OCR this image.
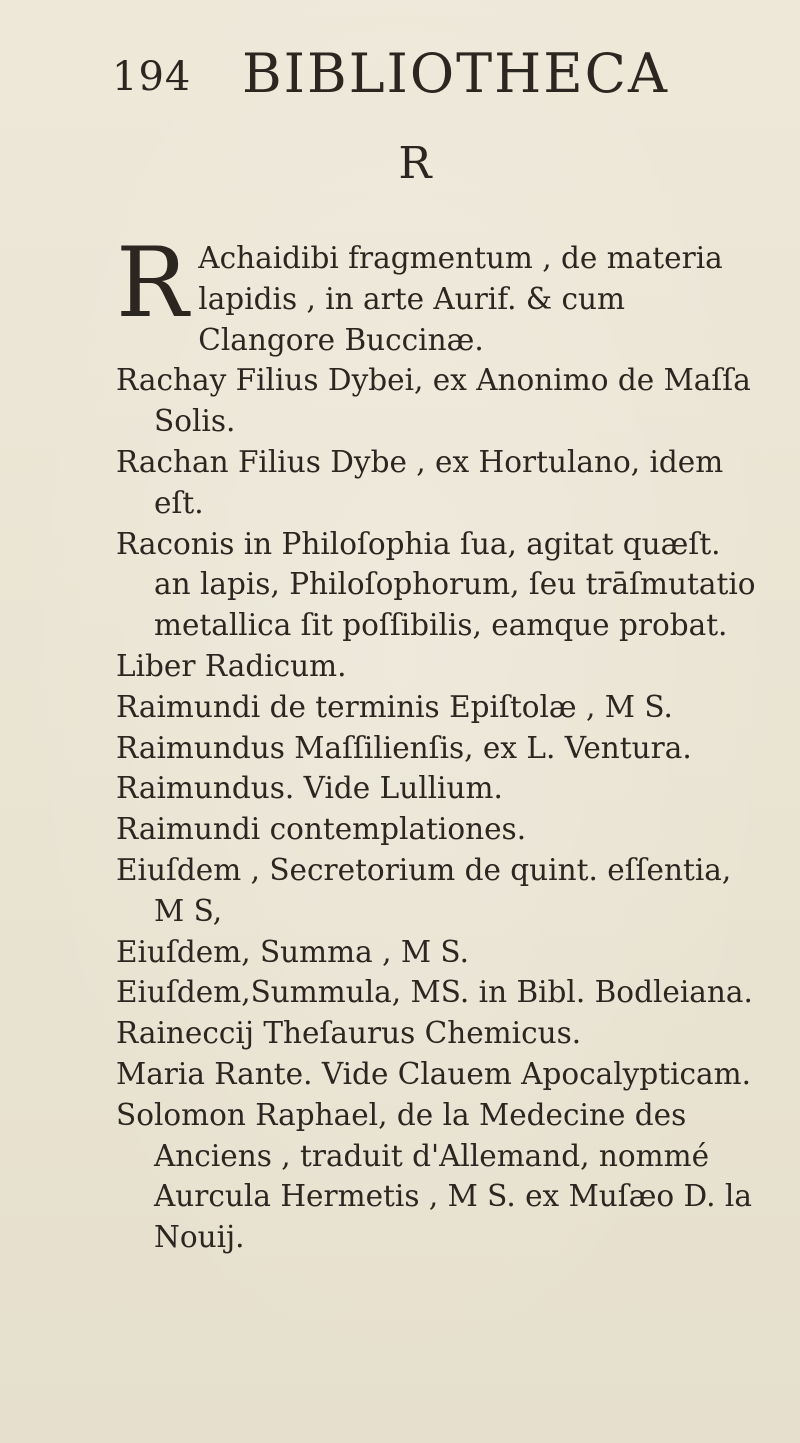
194 BIBLIOTHECA
R
R Achaidibi fragmentum , de materia lapidis , in arte Aurif. & cum Clangore Buccinæ.

Rachay Filius Dybei, ex Anonimo de Maſſa Solis.

Rachan Filius Dybe , ex Hortulano, idem eſt.

Raconis in Philoſophia ſua, agitat quæſt. an lapis, Philoſophorum, ſeu trāſmutatio metallica ſit poſſibilis, eamque probat.

Liber Radicum.

Raimundi de terminis Epiſtolæ , M S.

Raimundus Maſſilienſis, ex L. Ventura.

Raimundus. Vide Lullium.

Raimundi contemplationes.

Eiuſdem , Secretorium de quint. eſſentia, M S,

Eiuſdem, Summa , M S.

Eiuſdem,Summula, MS. in Bibl. Bodleiana.

Raineccij Theſaurus Chemicus.

Maria Rante. Vide Clauem Apocalypticam.

Solomon Raphael, de la Medecine des Anciens , traduit d'Allemand, nommé Aurcula Hermetis , M S. ex Muſæo D. la Nouij.
